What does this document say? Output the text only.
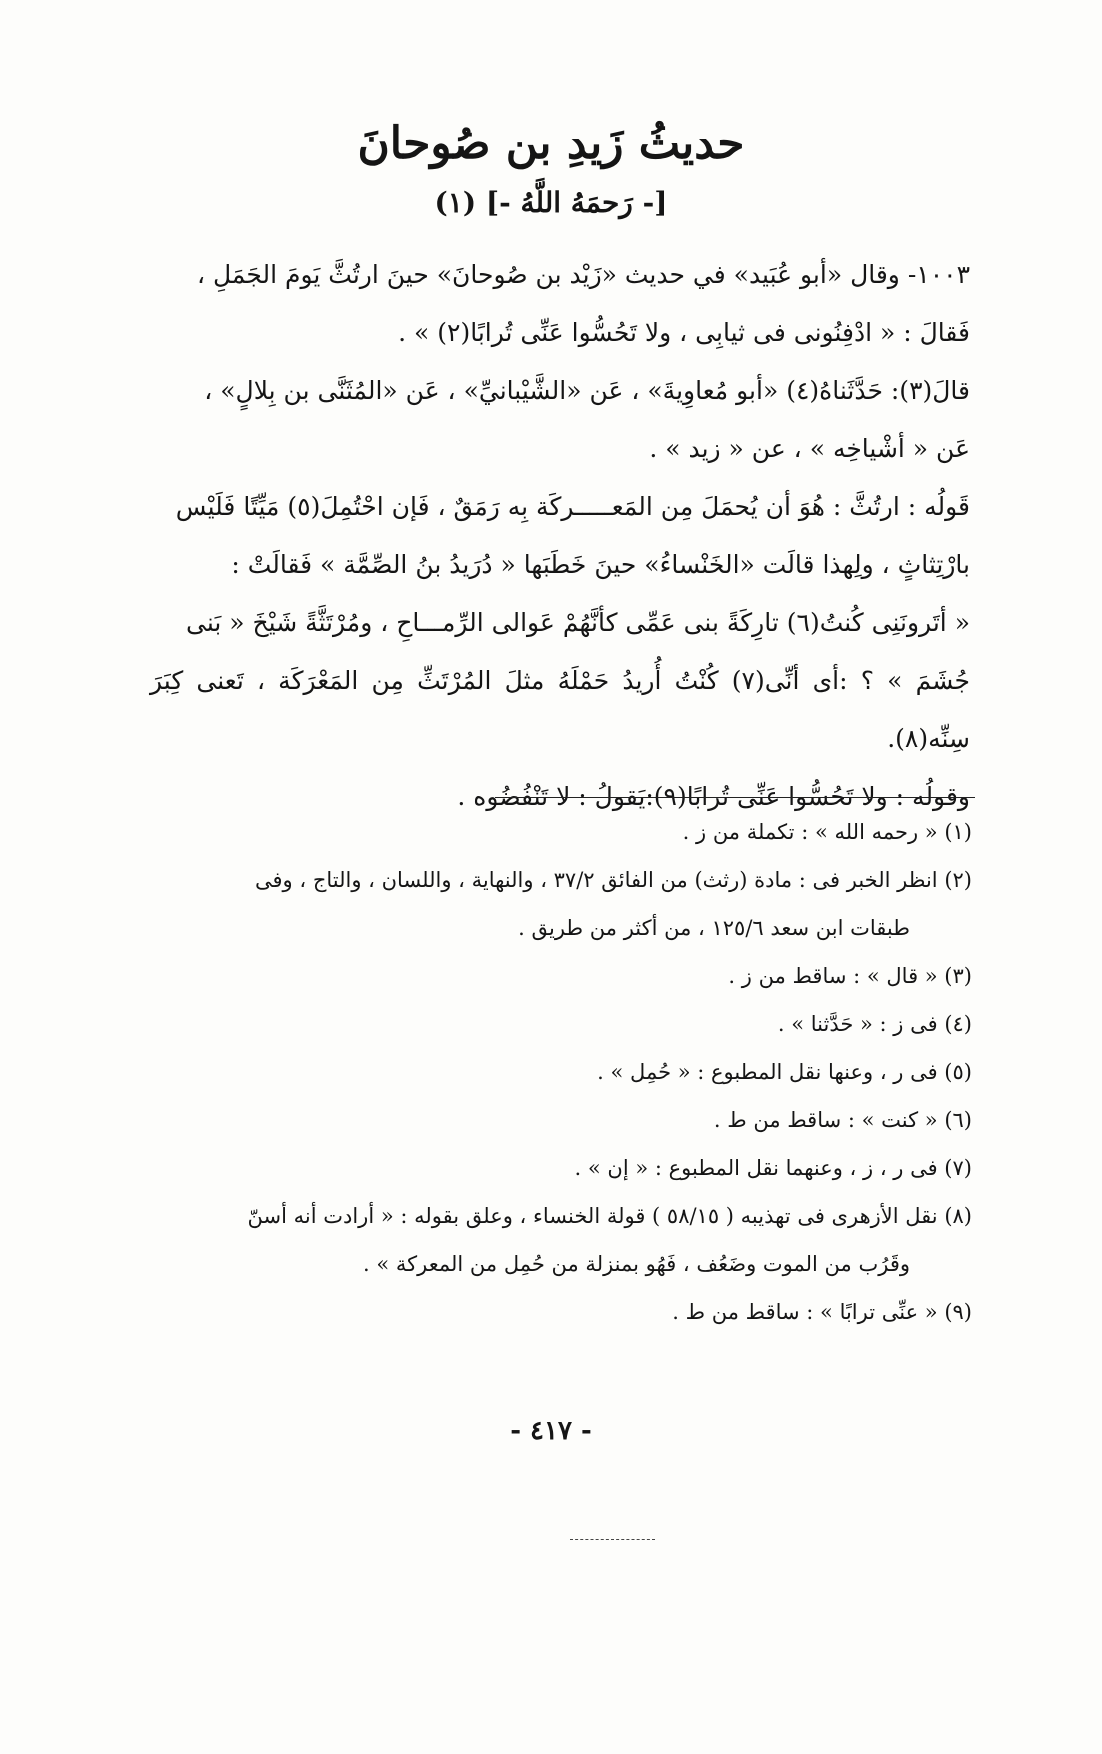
حديثُ زَيدِ بن صُوحانَ
[- رَحمَهُ اللَّهُ -] (١)

١٠٠٣- وقال «أبو عُبَيد» في حديث «زَيْد بن صُوحانَ» حينَ ارتُثَّ يَومَ الجَمَلِ ،

فَقالَ : « ادْفِنُونى فى ثيابِى ، ولا تَحُسُّوا عَنِّى تُرابًا(٢) » .

قالَ(٣): حَدَّثَناهُ(٤) «أبو مُعاوِيةَ» ، عَن «الشَّيْبانيِّ» ، عَن «المُثَنَّى بن بِلالٍ» ،

عَن « أشْياخِه » ، عن « زيد » .

قَولُه : ارتُثَّ : هُوَ أن يُحمَلَ مِن المَعـــــركَة بِه رَمَقٌ ، فَإن احْتُمِلَ(٥) مَيِّتًا فَلَيْس

بارْتِثاثٍ ، ولِهذا قالَت «الخَنْساءُ» حينَ خَطَبَها « دُرَيدُ بنُ الصِّمَّة » فَقالَتْ :

« أتَرونَنِى كُنتُ(٦) تارِكَةً بنى عَمِّى كأنَّهُمْ عَوالى الرِّمـــاحِ ، ومُرْتَثَّةً شَيْخَ « بَنى

جُشَمَ » ؟ :أى أنِّى(٧) كُنْتُ أُريدُ حَمْلَهُ مثلَ المُرْتَثِّ مِن المَعْرَكَة ، تَعنى كِبَرَ سِنِّه(٨).

وقولُه : ولا تَحُسُّوا عَنِّى تُرابًا(٩):يَقولُ : لا تَنْفُضُوه .

(١) « رحمه الله » : تكملة من ز .

(٢) انظر الخبر فى : مادة (رثث) من الفائق ٣٧/٢ ، والنهاية ، واللسان ، والتاج ، وفى

طبقات ابن سعد ١٢٥/٦ ، من أكثر من طريق .

(٣) « قال » : ساقط من ز .

(٤) فى ز : « حَدَّثنا » .

(٥) فى ر ، وعنها نقل المطبوع : « حُمِل » .

(٦) « كنت » : ساقط من ط .

(٧) فى ر ، ز ، وعنهما نقل المطبوع : « إن » .

(٨) نقل الأزهرى فى تهذيبه ( ٥٨/١٥ ) قولة الخنساء ، وعلق بقوله : « أرادت أنه أسنّ

وقَرُب من الموت وضَعُف ، فَهُو بمنزلة من حُمِل من المعركة » .

(٩) « عنِّى ترابًا » : ساقط من ط .

- ٤١٧ -
